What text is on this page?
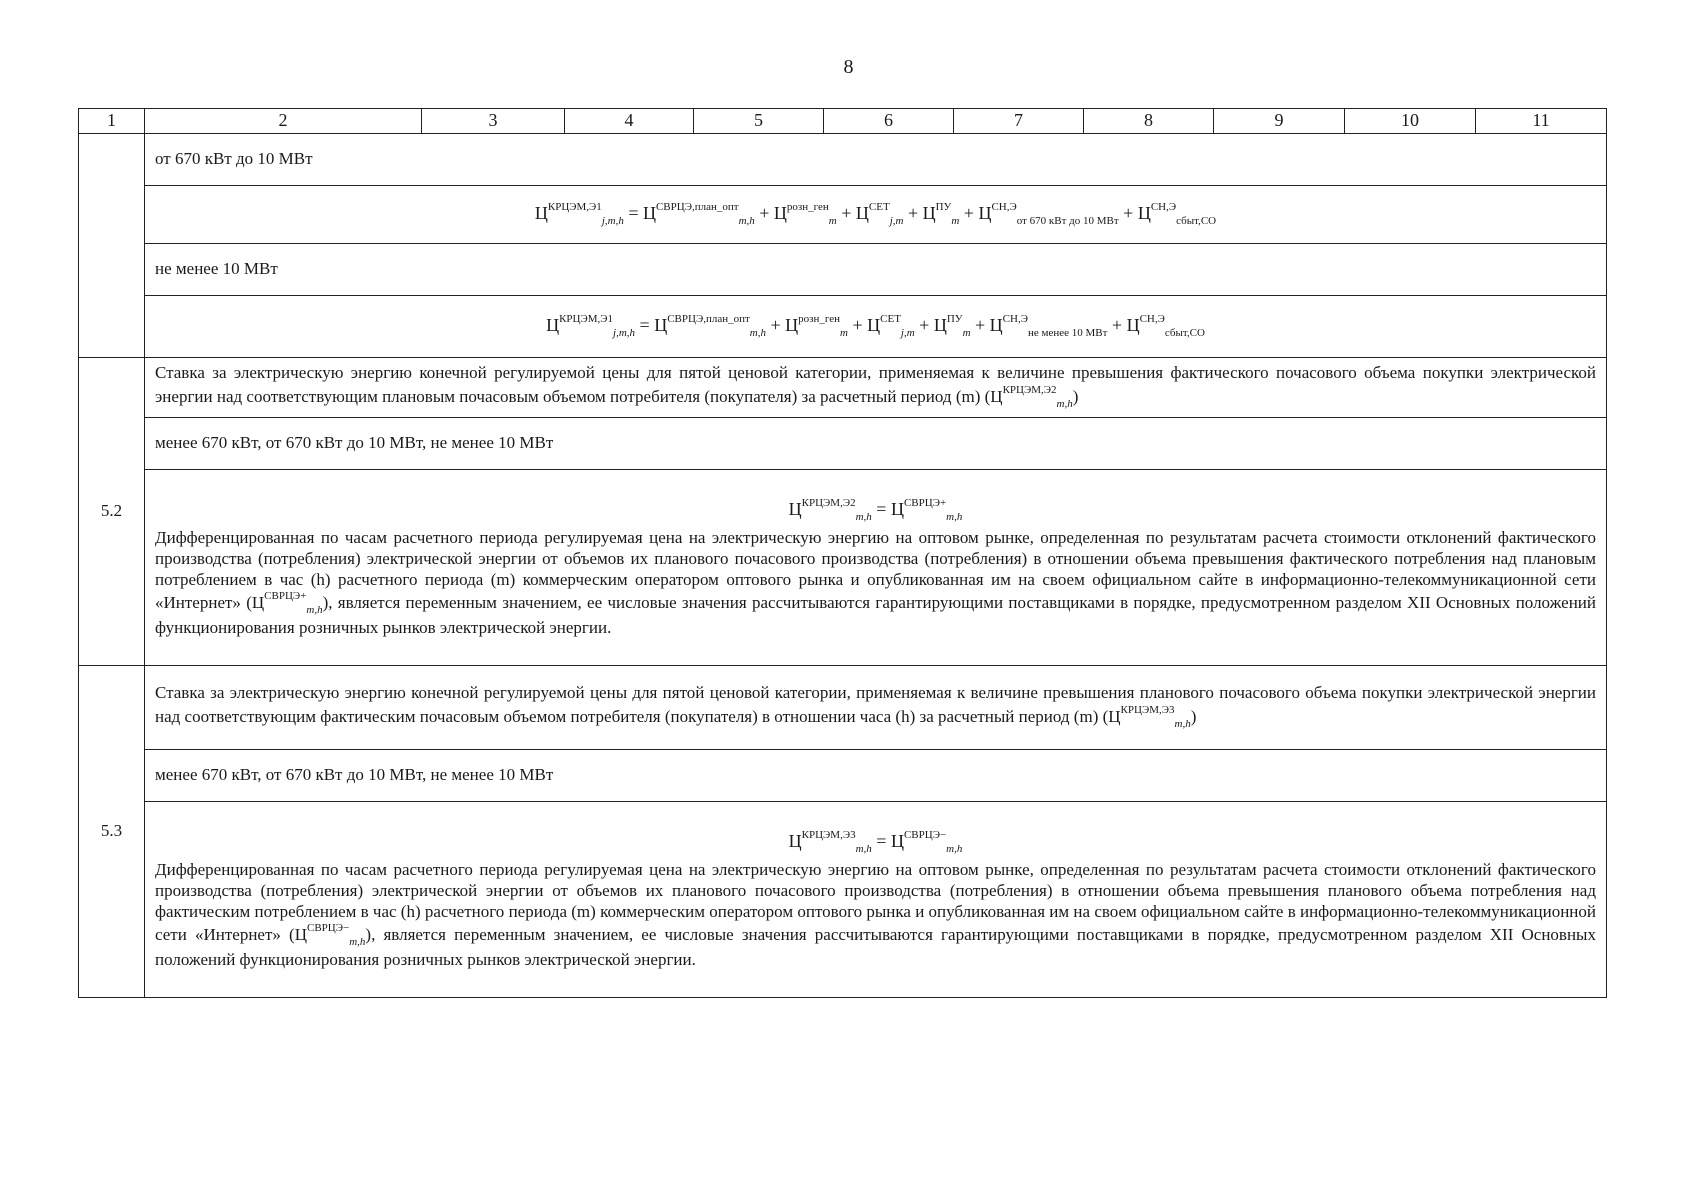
8
1	2	3	4	5	6	7	8	9	10	11
	от 670 кВт до 10 МВт									
	$Ц^{КРЦЭМ,Э1}_{j,m,h} = Ц^{СВРЦЭ,план\_опт}_{m,h} + Ц^{розн\_ген}_m + Ц^{СЕТ}_{j,m} + Ц^{ПУ}_m + Ц^{СН,Э}_{от 670 кВт до 10 МВт} + Ц^{СН,Э}_{сбыт,СО}$
	не менее 10 МВт									
	$Ц^{КРЦЭМ,Э1}_{j,m,h} = Ц^{СВРЦЭ,план\_опт}_{m,h} + Ц^{розн\_ген}_m + Ц^{СЕТ}_{j,m} + Ц^{ПУ}_m + Ц^{СН,Э}_{не менее 10 МВт} + Ц^{СН,Э}_{сбыт,СО}$
5.2	Ставка за электрическую энергию конечной регулируемой цены для пятой ценовой категории, применяемая к величине превышения фактического почасового объема покупки электрической энергии над соответствующим плановым почасовым объемом потребителя (покупателя) за расчетный период (m) $(Ц^{КРЦЭМ,Э2}_{m,h})$									
	менее 670 кВт, от 670 кВт до 10 МВт, не менее 10 МВт									

	$Ц^{КРЦЭМ,Э2}_{m,h} = Ц^{СВРЦЭ+}_{m,h}$
Дифференцированная по часам расчетного периода регулируемая цена на электрическую энергию на оптовом рынке, определенная по результатам расчета стоимости отклонений фактического производства (потребления) электрической энергии от объемов их планового почасового производства (потребления) в отношении объема превышения фактического потребления над плановым потреблением в час (h) расчетного периода (m) коммерческим оператором оптового рынка и опубликованная им на своем официальном сайте в информационно-телекоммуникационной сети «Интернет» $(Ц^{СВРЦЭ+}_{m,h})$, является переменным значением, ее числовые значения рассчитываются гарантирующими поставщиками в порядке, предусмотренном разделом XII Основных положений функционирования розничных рынков электрической энергии.									

5.3	Ставка за электрическую энергию конечной регулируемой цены для пятой ценовой категории, применяемая к величине превышения планового почасового объема покупки электрической энергии над соответствующим фактическим почасовым объемом потребителя (покупателя) в отношении часа (h) за расчетный период (m) $(Ц^{КРЦЭМ,Э3}_{m,h})$									
	менее 670 кВт, от 670 кВт до 10 МВт, не менее 10 МВт									

	$Ц^{КРЦЭМ,Э3}_{m,h} = Ц^{СВРЦЭ-}_{m,h}$
Дифференцированная по часам расчетного периода регулируемая цена на электрическую энергию на оптовом рынке, определенная по результатам расчета стоимости отклонений фактического производства (потребления) электрической энергии от объемов их планового почасового производства (потребления) в отношении объема превышения планового объема потребления над фактическим потреблением в час (h) расчетного периода (m) коммерческим оператором оптового рынка и опубликованная им на своем официальном сайте в информационно-телекоммуникационной сети «Интернет» $(Ц^{СВРЦЭ-}_{m,h})$, является переменным значением, ее числовые значения рассчитываются гарантирующими поставщиками в порядке, предусмотренном разделом XII Основных положений функционирования розничных рынков электрической энергии.									
